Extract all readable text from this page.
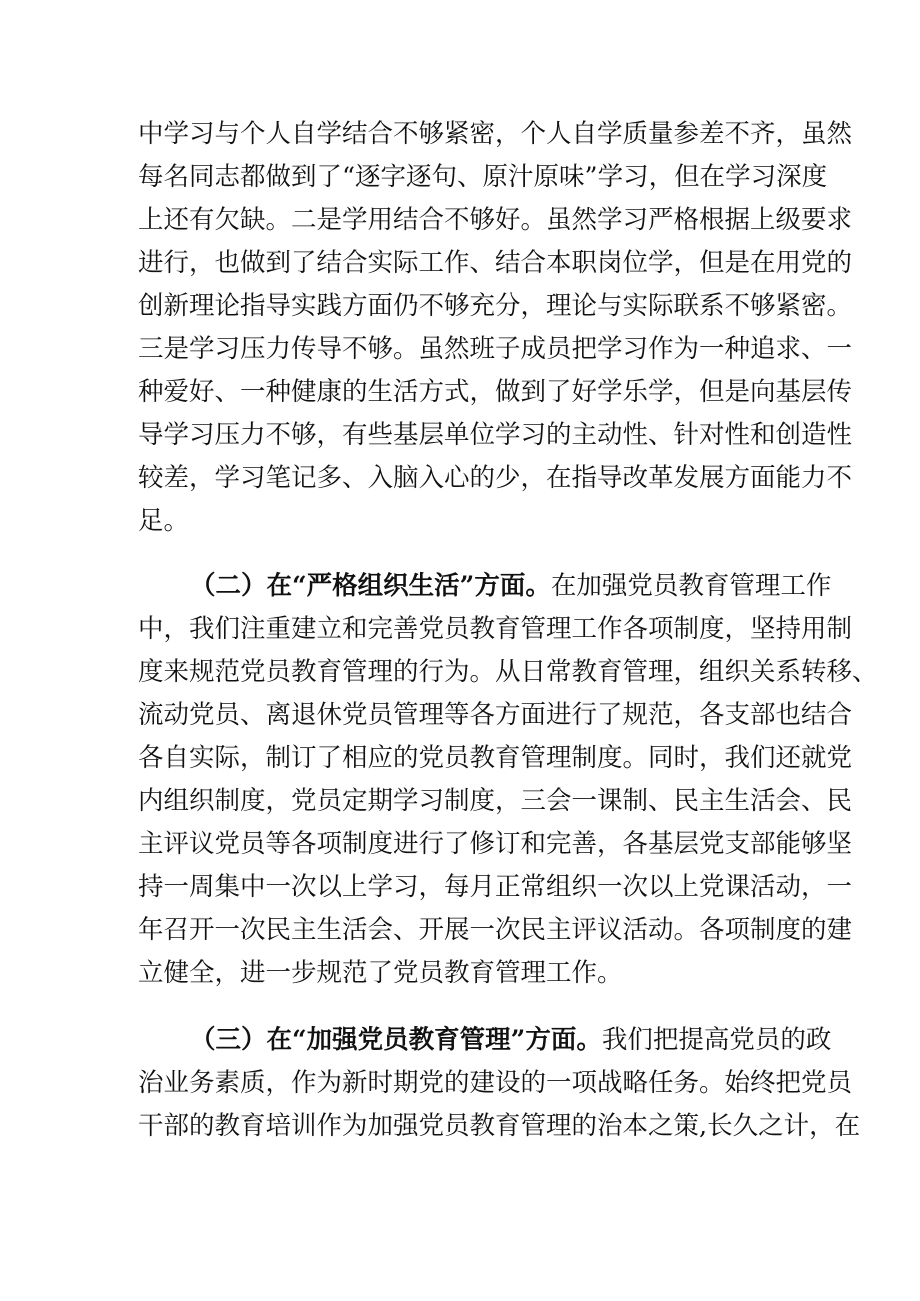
中学习与个人自学结合不够紧密，个人自学质量参差不齐，虽然
每名同志都做到了“逐字逐句、原汁原味”学习，但在学习深度
上还有欠缺。二是学用结合不够好。虽然学习严格根据上级要求
进行，也做到了结合实际工作、结合本职岗位学，但是在用党的
创新理论指导实践方面仍不够充分，理论与实际联系不够紧密。
三是学习压力传导不够。虽然班子成员把学习作为一种追求、一
种爱好、一种健康的生活方式，做到了好学乐学，但是向基层传
导学习压力不够，有些基层单位学习的主动性、针对性和创造性
较差，学习笔记多、入脑入心的少，在指导改革发展方面能力不
足。
（二）在“严格组织生活”方面。在加强党员教育管理工作
中，我们注重建立和完善党员教育管理工作各项制度，坚持用制
度来规范党员教育管理的行为。从日常教育管理，组织关系转移、
流动党员、离退休党员管理等各方面进行了规范，各支部也结合
各自实际，制订了相应的党员教育管理制度。同时，我们还就党
内组织制度，党员定期学习制度，三会一课制、民主生活会、民
主评议党员等各项制度进行了修订和完善，各基层党支部能够坚
持一周集中一次以上学习，每月正常组织一次以上党课活动，一
年召开一次民主生活会、开展一次民主评议活动。各项制度的建
立健全，进一步规范了党员教育管理工作。
（三）在“加强党员教育管理”方面。我们把提高党员的政
治业务素质，作为新时期党的建设的一项战略任务。始终把党员
干部的教育培训作为加强党员教育管理的治本之策,长久之计，在
